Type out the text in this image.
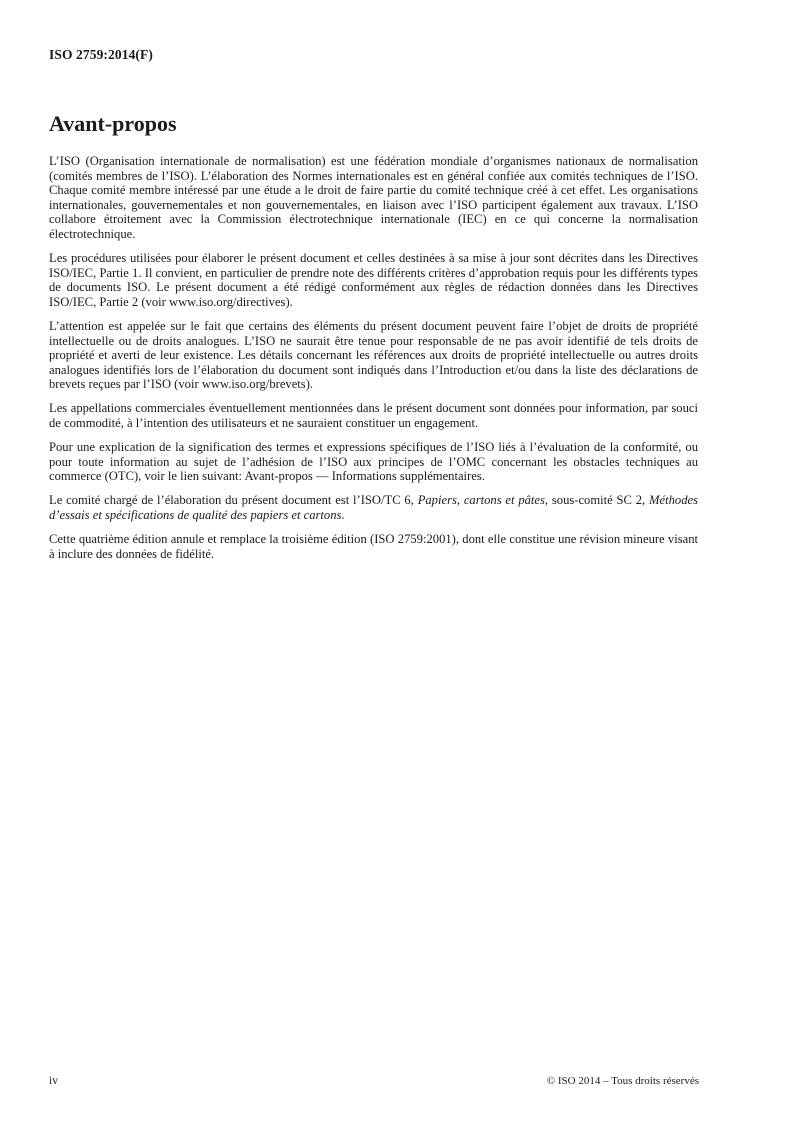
ISO 2759:2014(F)
Avant-propos

L’ISO (Organisation internationale de normalisation) est une fédération mondiale d’organismes nationaux de normalisation (comités membres de l’ISO). L’élaboration des Normes internationales est en général confiée aux comités techniques de l’ISO. Chaque comité membre intéressé par une étude a le droit de faire partie du comité technique créé à cet effet. Les organisations internationales, gouvernementales et non gouvernementales, en liaison avec l’ISO participent également aux travaux. L’ISO collabore étroitement avec la Commission électrotechnique internationale (IEC) en ce qui concerne la normalisation électrotechnique.

Les procédures utilisées pour élaborer le présent document et celles destinées à sa mise à jour sont décrites dans les Directives ISO/IEC, Partie 1. Il convient, en particulier de prendre note des différents critères d’approbation requis pour les différents types de documents ISO. Le présent document a été rédigé conformément aux règles de rédaction données dans les Directives ISO/IEC, Partie 2 (voir www.iso.org/directives).

L’attention est appelée sur le fait que certains des éléments du présent document peuvent faire l’objet de droits de propriété intellectuelle ou de droits analogues. L’ISO ne saurait être tenue pour responsable de ne pas avoir identifié de tels droits de propriété et averti de leur existence. Les détails concernant les références aux droits de propriété intellectuelle ou autres droits analogues identifiés lors de l’élaboration du document sont indiqués dans l’Introduction et/ou dans la liste des déclarations de brevets reçues par l’ISO (voir www.iso.org/brevets).

Les appellations commerciales éventuellement mentionnées dans le présent document sont données pour information, par souci de commodité, à l’intention des utilisateurs et ne sauraient constituer un engagement.

Pour une explication de la signification des termes et expressions spécifiques de l’ISO liés à l’évaluation de la conformité, ou pour toute information au sujet de l’adhésion de l’ISO aux principes de l’OMC concernant les obstacles techniques au commerce (OTC), voir le lien suivant: Avant-propos — Informations supplémentaires.

Le comité chargé de l’élaboration du présent document est l’ISO/TC 6, Papiers, cartons et pâtes, sous-comité SC 2, Méthodes d’essais et spécifications de qualité des papiers et cartons.

Cette quatrième édition annule et remplace la troisième édition (ISO 2759:2001), dont elle constitue une révision mineure visant à inclure des données de fidélité.

iv	© ISO 2014 – Tous droits réservés
